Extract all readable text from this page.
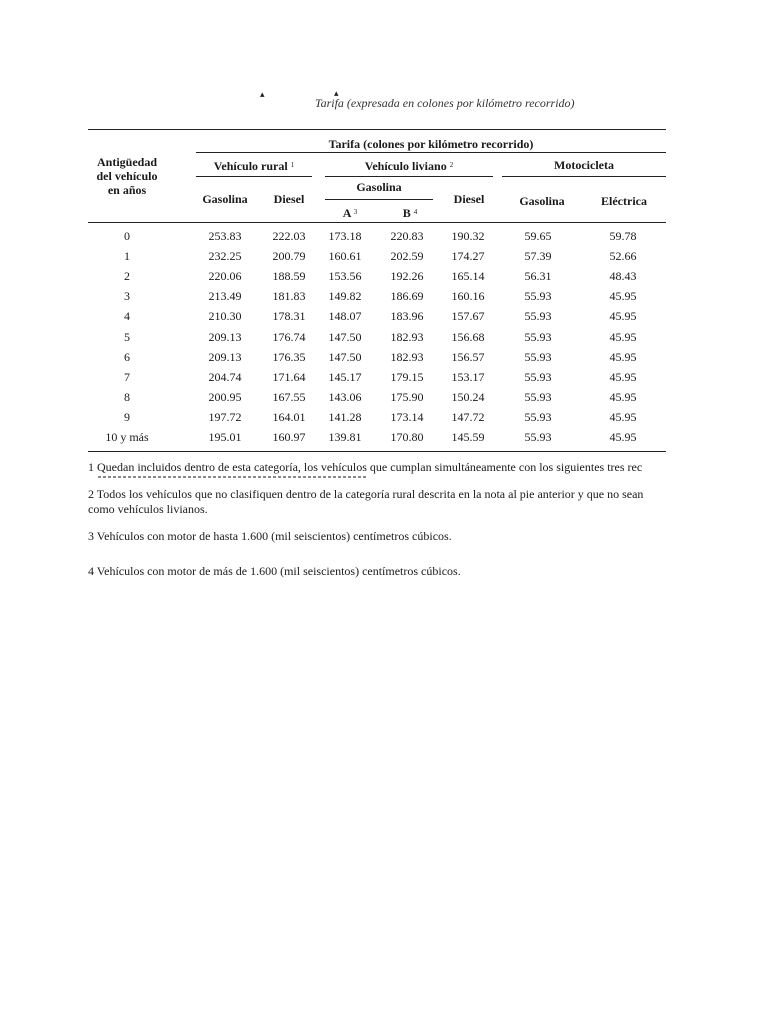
▴	▴
Tarifa (expresada en colones por kilómetro recorrido)
Antigüedad
del vehículo
en años
Tarifa (colones por kilómetro recorrido)
Vehículo rural $^1$	Vehículo liviano $^2$	Motocicleta
Gasolina	Diesel
Gasolina
Diesel	Gasolina	Eléctrica
A $^3$	B $^4$
0	253.83	222.03	173.18	220.83	190.32	59.65	59.78
1	232.25	200.79	160.61	202.59	174.27	57.39	52.66
2	220.06	188.59	153.56	192.26	165.14	56.31	48.43
3	213.49	181.83	149.82	186.69	160.16	55.93	45.95
4	210.30	178.31	148.07	183.96	157.67	55.93	45.95
5	209.13	176.74	147.50	182.93	156.68	55.93	45.95
6	209.13	176.35	147.50	182.93	156.57	55.93	45.95
7	204.74	171.64	145.17	179.15	153.17	55.93	45.95
8	200.95	167.55	143.06	175.90	150.24	55.93	45.95
9	197.72	164.01	141.28	173.14	147.72	55.93	45.95
10 y más	195.01	160.97	139.81	170.80	145.59	55.93	45.95
1 Quedan incluidos dentro de esta categoría, los vehículos que cumplan simultáneamente con los siguientes tres rec
2 Todos los vehículos que no clasifiquen dentro de la categoría rural descrita en la nota al pie anterior y que no sean
como vehículos livianos.
3 Vehículos con motor de hasta 1.600 (mil seiscientos) centímetros cúbicos.
4 Vehículos con motor de más de 1.600 (mil seiscientos) centímetros cúbicos.
